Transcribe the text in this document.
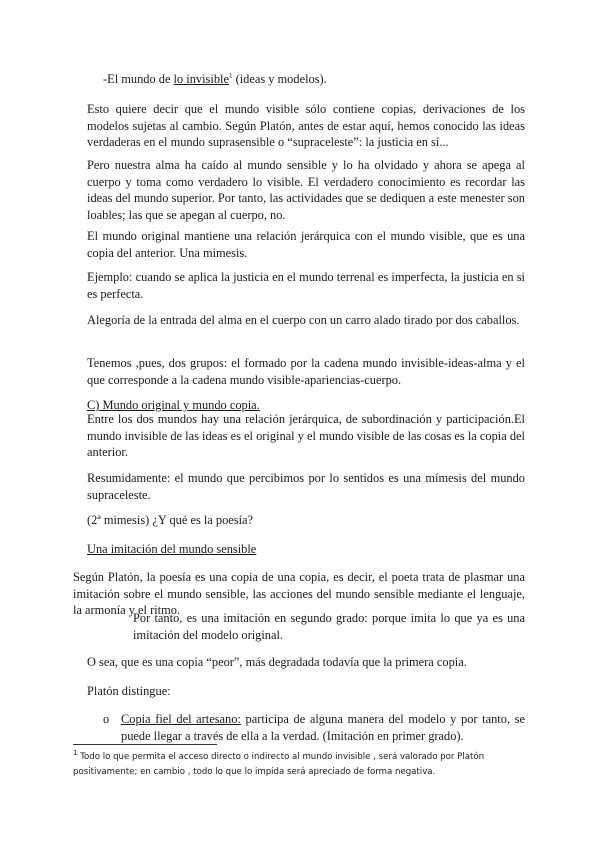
-El mundo de lo invisible$^1$ (ideas y modelos).

Esto quiere decir que el mundo visible sólo contiene copias, derivaciones de los modelos sujetas al cambio. Según Platón, antes de estar aquí, hemos conocido las ideas verdaderas en el mundo suprasensible o “supraceleste”: la justicia en sí...

Pero nuestra alma ha caído al mundo sensible y lo ha olvidado y ahora se apega al cuerpo y toma como verdadero lo visible. El verdadero conocimiento es recordar las ideas del mundo superior. Por tanto, las actividades que se dediquen a este menester son loables; las que se apegan al cuerpo, no.

El mundo original mantiene una relación jerárquica con el mundo visible, que es una copia del anterior. Una mimesis.

Ejemplo: cuando se aplica la justicia en el mundo terrenal es imperfecta, la justicia en si es perfecta.

Alegoría de la entrada del alma en el cuerpo con un carro alado tirado por dos caballos.

Tenemos ,pues, dos grupos: el formado por la cadena mundo invisible-ideas-alma y el que corresponde a la cadena mundo visible-apariencias-cuerpo.

C) Mundo original y mundo copia.

Entre los dos mundos hay una relación jerárquica, de subordinación y participación.El mundo invisible de las ideas es el original y el mundo visible de las cosas es la copia del anterior.

Resumidamente: el mundo que percibimos por lo sentidos es una mímesis del mundo supraceleste.

(2ª mimesis) ¿Y qué es la poesía?

Una imitación del mundo sensible

Según Platón, la poesía es una copia de una copia, es decir, el poeta trata de plasmar una imitación sobre el mundo sensible, las acciones del mundo sensible mediante el lenguaje, la armonía y el ritmo.

Por tanto, es una imitación en segundo grado: porque imita lo que ya es una imitación del modelo original.

O sea, que es una copia “peor”, más degradada todavía que la primera copia.

Platón distingue:

o Copia fiel del artesano: participa de alguna manera del modelo y por tanto, se puede llegar a través de ella a la verdad. (Imitación en primer grado).

$^1$ Todo lo que permita el acceso directo o indirecto al mundo invisible , será valorado por Platón positivamente; en cambio , todo lo que lo impida será apreciado de forma negativa.
